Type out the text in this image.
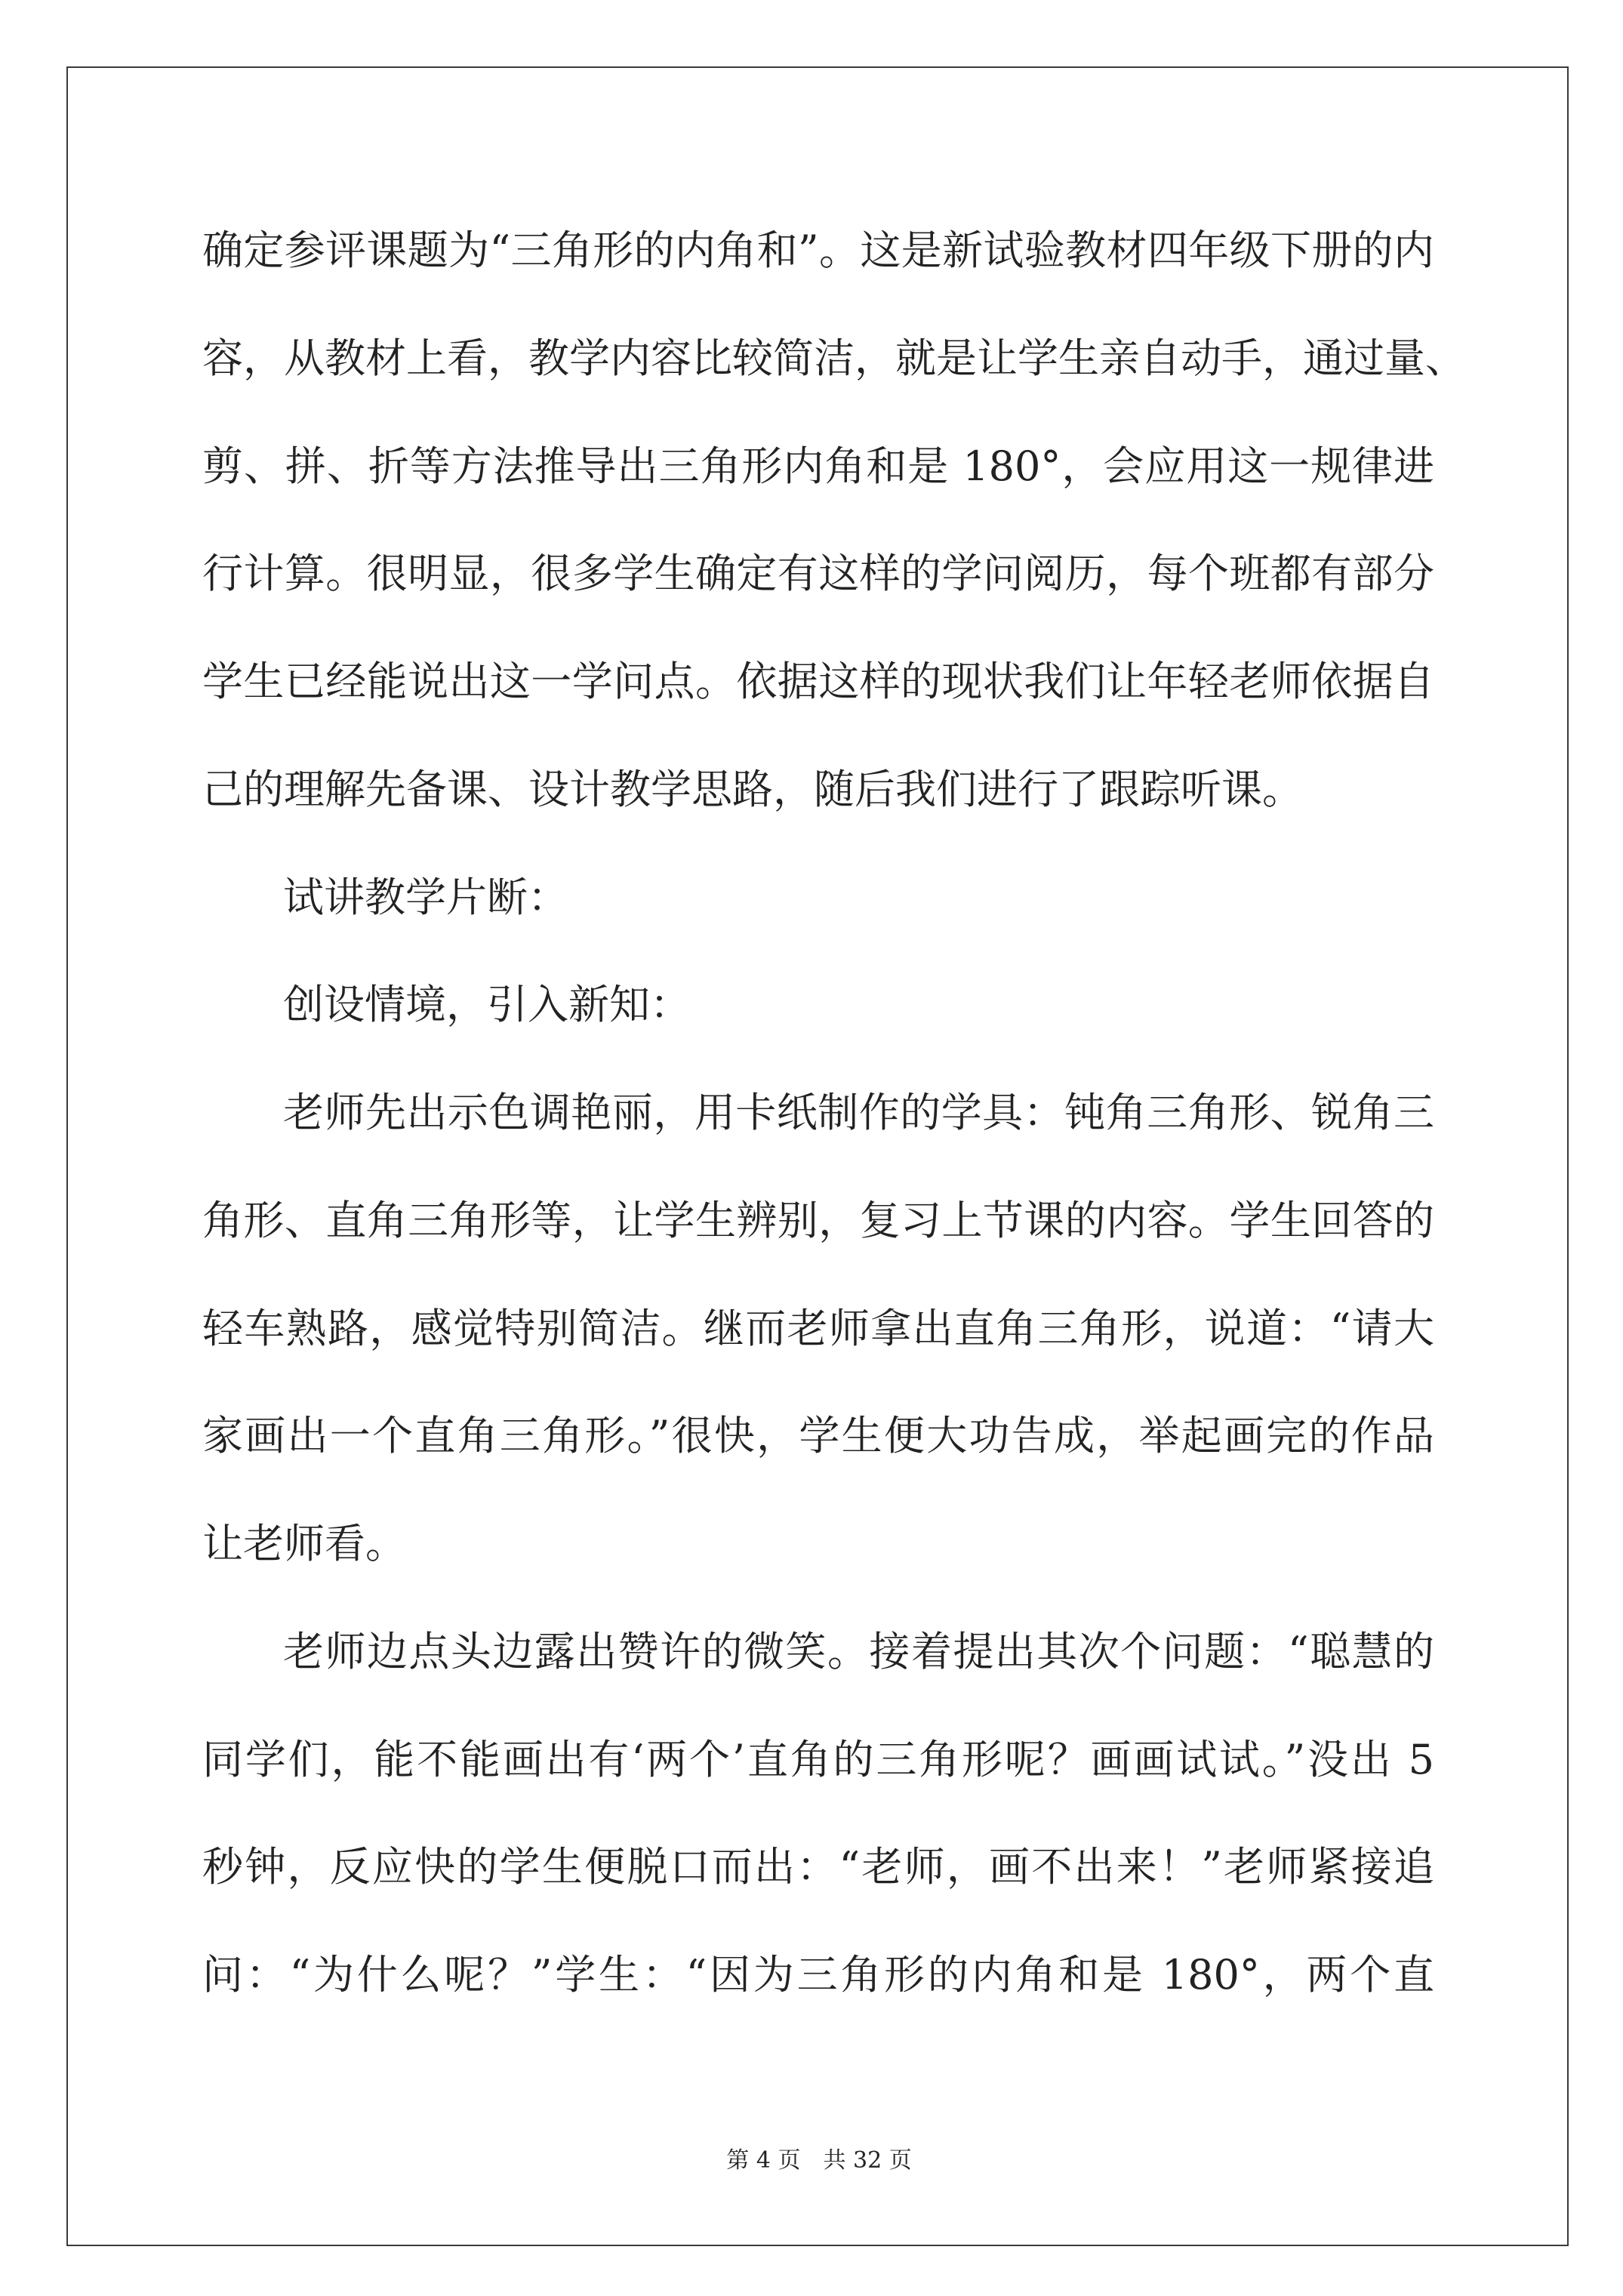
确定参评课题为“三角形的内角和”。这是新试验教材四年级下册的内
容，从教材上看，教学内容比较简洁，就是让学生亲自动手，通过量、
剪、拼、折等方法推导出三角形内角和是 180°，会应用这一规律进
行计算。很明显，很多学生确定有这样的学问阅历，每个班都有部分
学生已经能说出这一学问点。依据这样的现状我们让年轻老师依据自
己的理解先备课、设计教学思路，随后我们进行了跟踪听课。
试讲教学片断：
创设情境，引入新知：
老师先出示色调艳丽，用卡纸制作的学具：钝角三角形、锐角三
角形、直角三角形等，让学生辨别，复习上节课的内容。学生回答的
轻车熟路，感觉特别简洁。继而老师拿出直角三角形，说道：“请大
家画出一个直角三角形。”很快，学生便大功告成，举起画完的作品
让老师看。
老师边点头边露出赞许的微笑。接着提出其次个问题：“聪慧的
同学们，能不能画出有‘两个’直角的三角形呢？画画试试。”没出 5
秒钟，反应快的学生便脱口而出：“老师，画不出来！”老师紧接追
问：“为什么呢？”学生：“因为三角形的内角和是 180°，两个直
第 4 页 共 32 页
